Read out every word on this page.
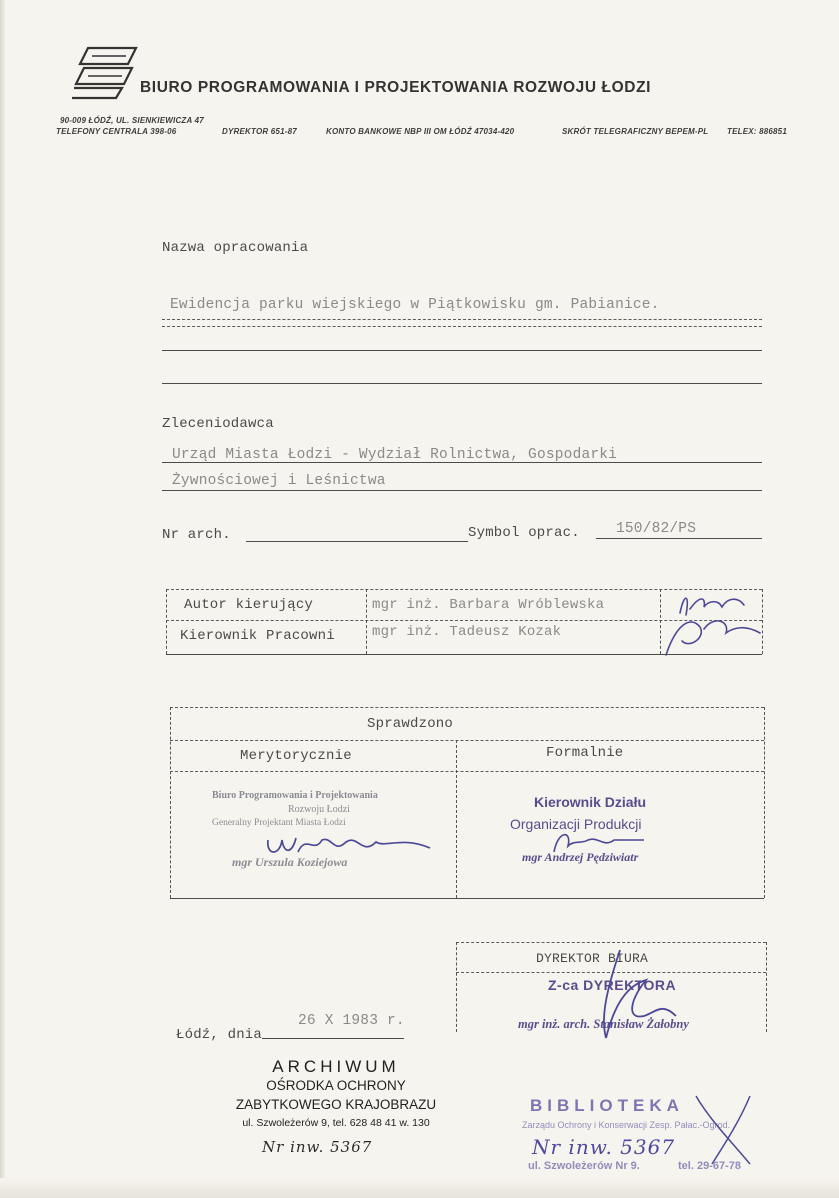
BIURO PROGRAMOWANIA I PROJEKTOWANIA ROZWOJU ŁODZI
90-009 ŁÓDŹ, UL. SIENKIEWICZA 47
TELEFONY CENTRALA 398-06	DYREKTOR 651-87	KONTO BANKOWE NBP III OM ŁÓDŹ 47034-420	SKRÓT TELEGRAFICZNY BEPEM-PL TELEX: 886851
Nazwa opracowania
Ewidencja parku wiejskiego w Piątkowisku gm. Pabianice.
Zleceniodawca
Urząd Miasta Łodzi - Wydział Rolnictwa, Gospodarki
Żywnościowej i Leśnictwa
Nr arch.	Symbol oprac. 150/82/PS
Autor kierujący	mgr inż. Barbara Wróblewska
Kierownik Pracowni	mgr inż. Tadeusz Kozak
Sprawdzono
Merytorycznie	Formalnie
Biuro Programowania i Projektowania
Rozwoju Łodzi
Generalny Projektant Miasta Łodzi
mgr Urszula Koziejowa
Kierownik Działu
Organizacji Produkcji
mgr Andrzej Pędziwiatr
DYREKTOR BIURA
Z-ca DYREKTORA
mgr inż. arch. Stanisław Żałobny
Łódź, dnia
26 X 1983 r.
ARCHIWUM
OŚRODKA OCHRONY
ZABYTKOWEGO KRAJOBRAZU
ul. Szwoleżerów 9, tel. 628 48 41 w. 130
Nr inw. 5367
BIBLIOTEKA
Zarządu Ochrony i Konserwacji Zesp. Pałac.-Ogrod.
Nr inw. 5367
ul. Szwoleżerów Nr 9.	tel. 29-67-78
